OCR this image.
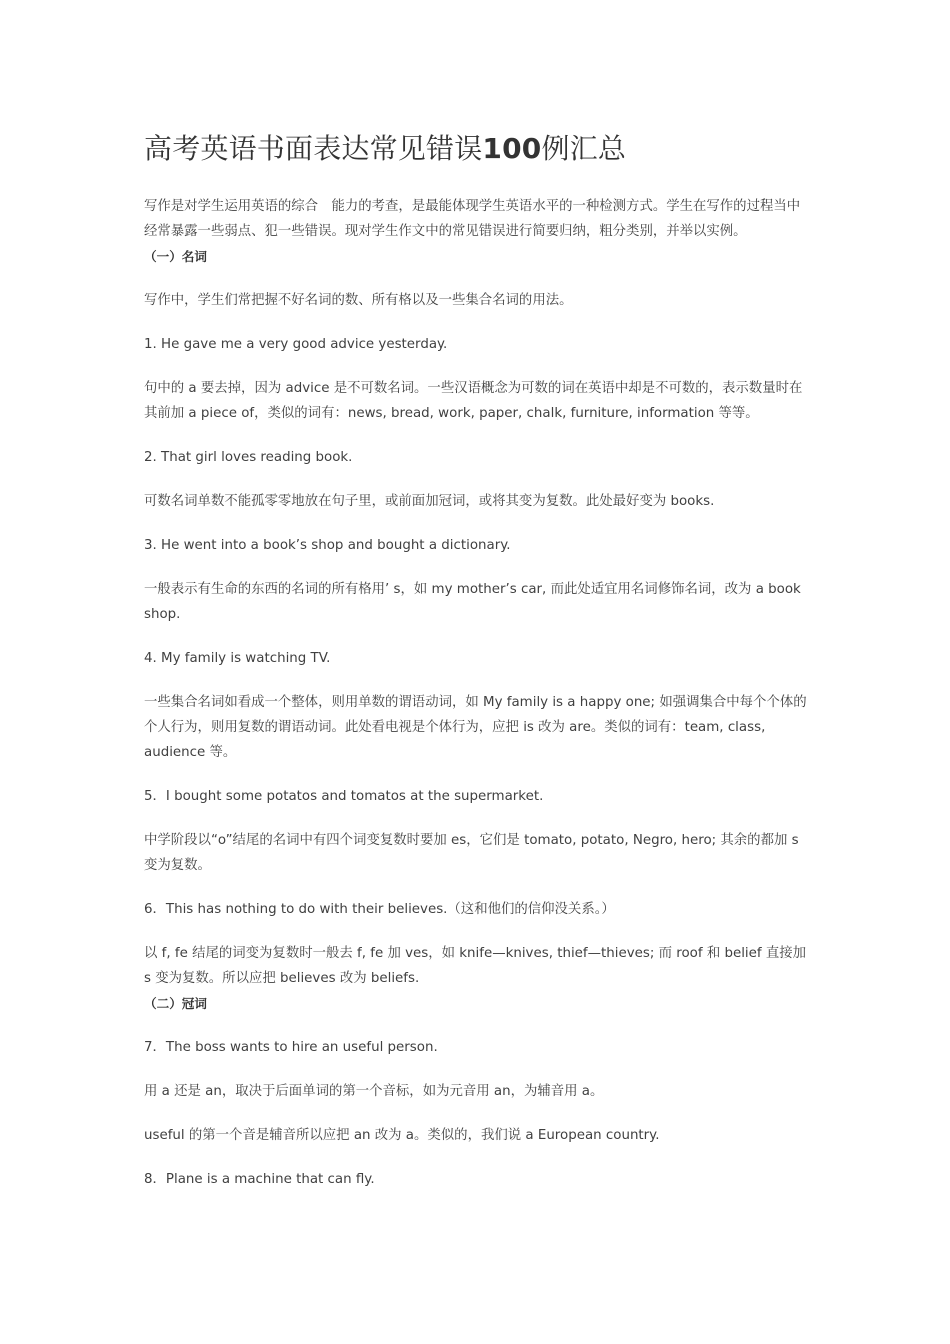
高考英语书面表达常见错误100例汇总

写作是对学生运用英语的综合　能力的考查，是最能体现学生英语水平的一种检测方式。学生在写作的过程当中经常暴露一些弱点、犯一些错误。现对学生作文中的常见错误进行简要归纳，粗分类别，并举以实例。

（一）名词

写作中，学生们常把握不好名词的数、所有格以及一些集合名词的用法。

1. He gave me a very good advice yesterday.

句中的 a 要去掉，因为 advice 是不可数名词。一些汉语概念为可数的词在英语中却是不可数的，表示数量时在其前加 a piece of，类似的词有：news, bread, work, paper, chalk, furniture, information 等等。

2. That girl loves reading book.

可数名词单数不能孤零零地放在句子里，或前面加冠词，或将其变为复数。此处最好变为 books.

3. He went into a book’s shop and bought a dictionary.

一般表示有生命的东西的名词的所有格用’ s，如 my mother’s car, 而此处适宜用名词修饰名词，改为 a book shop.

4. My family is watching TV.

一些集合名词如看成一个整体，则用单数的谓语动词，如 My family is a happy one; 如强调集合中每个个体的个人行为，则用复数的谓语动词。此处看电视是个体行为，应把 is 改为 are。类似的词有：team, class, audience 等。

5．I bought some potatos and tomatos at the supermarket.

中学阶段以“o”结尾的名词中有四个词变复数时要加 es，它们是 tomato, potato, Negro, hero; 其余的都加 s 变为复数。

6．This has nothing to do with their believes.（这和他们的信仰没关系。）

以 f, fe 结尾的词变为复数时一般去 f, fe 加 ves，如 knife—knives, thief—thieves; 而 roof 和 belief 直接加 s 变为复数。所以应把 believes 改为 beliefs.

（二）冠词

7．The boss wants to hire an useful person.

用 a 还是 an，取决于后面单词的第一个音标，如为元音用 an，为辅音用 a。

useful 的第一个音是辅音所以应把 an 改为 a。类似的，我们说 a European country.

8．Plane is a machine that can fly.
